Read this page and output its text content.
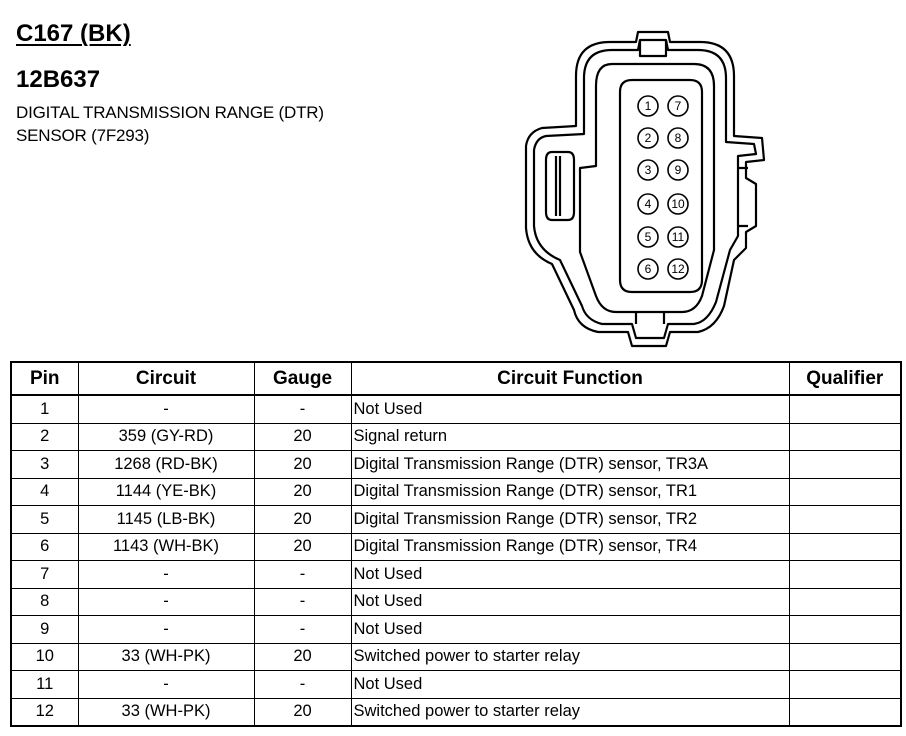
C167 (BK)
12B637
DIGITAL TRANSMISSION RANGE (DTR)
SENSOR (7F293)
1
2
3
4
5
6
7
8
9
10
11
12
Pin	Circuit	Gauge	Circuit Function	Qualifier
1	-	-	Not Used	
2	359 (GY-RD)	20	Signal return	
3	1268 (RD-BK)	20	Digital Transmission Range (DTR) sensor, TR3A	
4	1144 (YE-BK)	20	Digital Transmission Range (DTR) sensor, TR1	
5	1145 (LB-BK)	20	Digital Transmission Range (DTR) sensor, TR2	
6	1143 (WH-BK)	20	Digital Transmission Range (DTR) sensor, TR4	
7	-	-	Not Used	
8	-	-	Not Used	
9	-	-	Not Used	
10	33 (WH-PK)	20	Switched power to starter relay	
11	-	-	Not Used	
12	33 (WH-PK)	20	Switched power to starter relay	
